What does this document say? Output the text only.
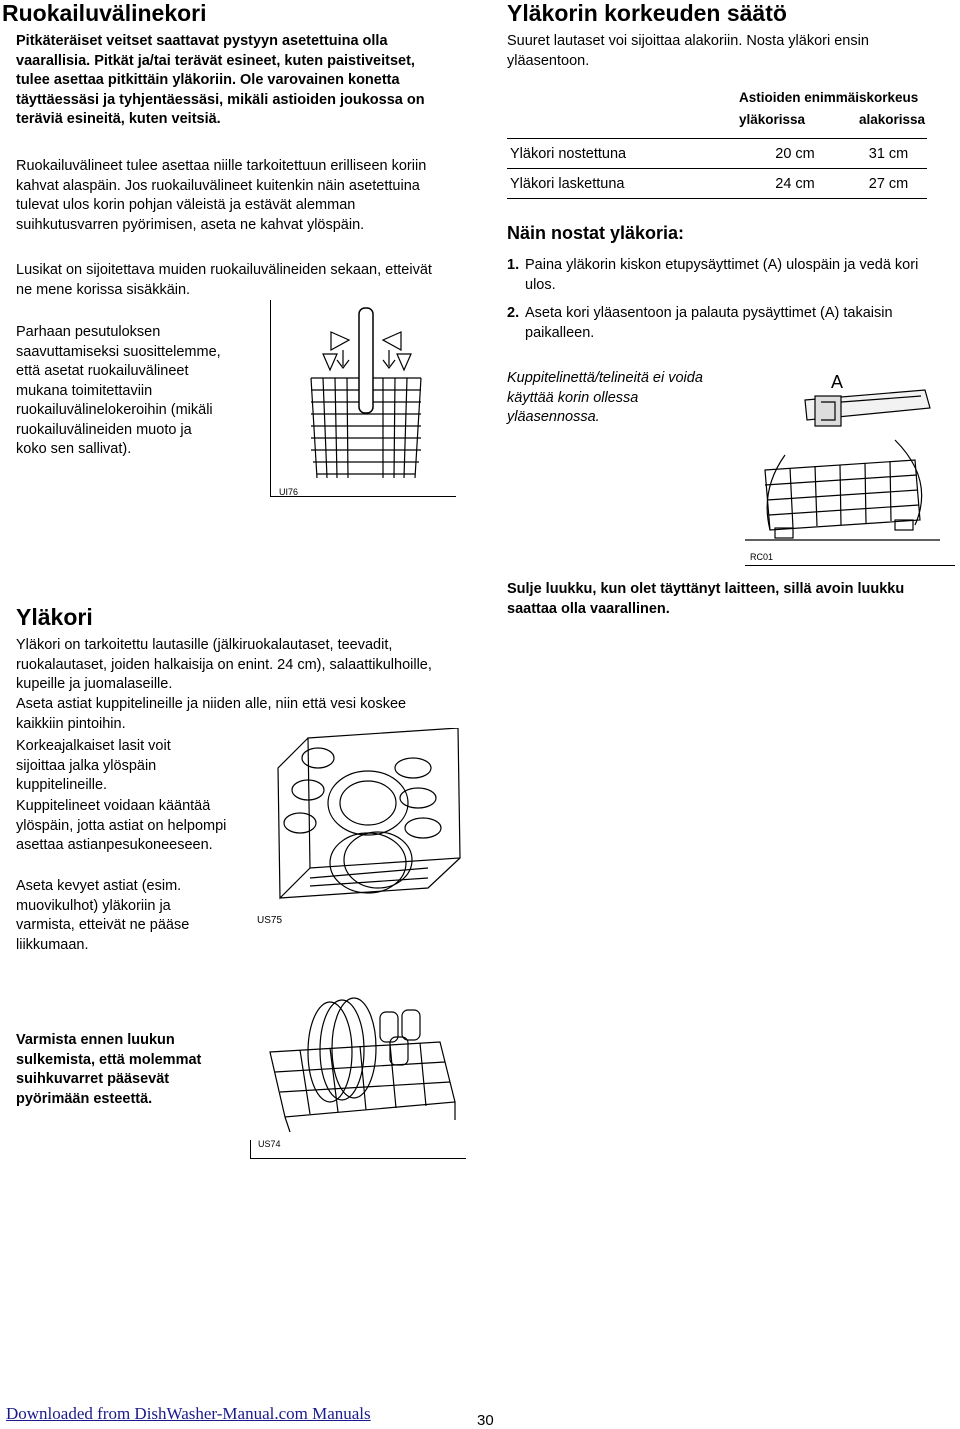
Ruokailuvälinekori

Pitkäteräiset veitset saattavat pystyyn asetettuina olla vaarallisia. Pitkät ja/tai terävät esineet, kuten paistiveitset, tulee asettaa pitkittäin yläkoriin. Ole varovainen konetta täyttäessäsi ja tyhjentäessäsi, mikäli astioiden joukossa on teräviä esineitä, kuten veitsiä.

Ruokailuvälineet tulee asettaa niille tarkoitettuun erilliseen koriin kahvat alaspäin. Jos ruokailuvälineet kuitenkin näin asetettuina tulevat ulos korin pohjan väleistä ja estävät alemman suihkutusvarren pyörimisen, aseta ne kahvat ylöspäin.

Lusikat on sijoitettava muiden ruokailuvälineiden sekaan, etteivät ne mene korissa sisäkkäin.

Parhaan pesutuloksen saavuttamiseksi suosittelemme, että asetat ruokailuvälineet mukana toimitettaviin ruokailuvälinelokeroihin (mikäli ruokailuvälineiden muoto ja koko sen sallivat).

UI76
Yläkorin korkeuden säätö

Suuret lautaset voi sijoittaa alakoriin. Nosta yläkori ensin yläasentoon.

Astioiden enimmäiskorkeus
yläkorissa	alakorissa
Yläkori nostettuna	20 cm	31 cm
Yläkori laskettuna	24 cm	27 cm
Näin nostat yläkoria:
1. Paina yläkorin kiskon etupysäyttimet (A) ulospäin ja vedä kori ulos.
2. Aseta kori yläasentoon ja palauta pysäyttimet (A) takaisin paikalleen.

Kuppitelinettä/telineitä ei voida käyttää korin ollessa yläasennossa.

A
RC01

Sulje luukku, kun olet täyttänyt laitteen, sillä avoin luukku saattaa olla vaarallinen.

Yläkori

Yläkori on tarkoitettu lautasille (jälkiruokalautaset, teevadit, ruokalautaset, joiden halkaisija on enint. 24 cm), salaattikulhoille, kupeille ja juomalaseille.

Aseta astiat kuppitelineille ja niiden alle, niin että vesi koskee kaikkiin pintoihin.

Korkeajalkaiset lasit voit sijoittaa jalka ylöspäin kuppitelineille.

Kuppitelineet voidaan kääntää ylöspäin, jotta astiat on helpompi asettaa astianpesukoneeseen.

Aseta kevyet astiat (esim. muovikulhot) yläkoriin ja varmista, etteivät ne pääse liikkumaan.

US75

Varmista ennen luukun sulkemista, että molemmat suihkuvarret pääsevät pyörimään esteettä.

US74
Downloaded from DishWasher-Manual.com Manuals	30
